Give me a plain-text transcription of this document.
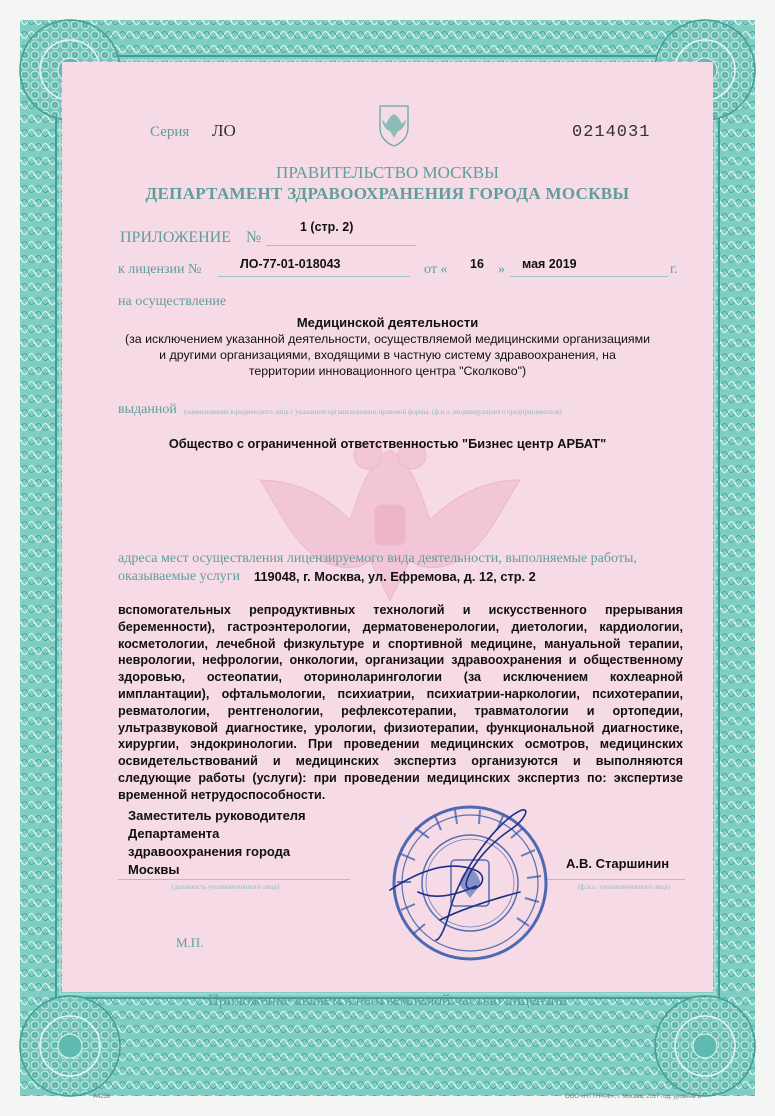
Серия ЛО	0214031
ПРАВИТЕЛЬСТВО МОСКВЫ
ДЕПАРТАМЕНТ ЗДРАВООХРАНЕНИЯ ГОРОДА МОСКВЫ
ПРИЛОЖЕНИЕ №
1 (стр. 2)
к лицензии №	ЛО-77-01-018043	от « 16 » мая 2019	г.
на осуществление
Медицинской деятельности
(за исключением указанной деятельности, осуществляемой медицинскими организациями
и другими организациями, входящими в частную систему здравоохранения, на
территории инновационного центра "Сколково")
выданной (наименование юридического лица с указанием организационно-правовой формы, (ф.и.о. индивидуального предпринимателя)
Общество с ограниченной ответственностью "Бизнес центр АРБАТ"
адреса мест осуществления лицензируемого вида деятельности, выполняемые работы,
оказываемые услуги 119048, г. Москва, ул. Ефремова, д. 12, стр. 2
вспомогательных репродуктивных технологий и искусственного прерывания беременности), гастроэнтерологии, дерматовенерологии, диетологии, кардиологии, косметологии, лечебной физкультуре и спортивной медицине, мануальной терапии, неврологии, нефрологии, онкологии, организации здравоохранения и общественному здоровью, остеопатии, оториноларингологии (за исключением кохлеарной имплантации), офтальмологии, психиатрии, психиатрии-наркологии, психотерапии, ревматологии, рентгенологии, рефлексотерапии, травматологии и ортопедии, ультразвуковой диагностике, урологии, физиотерапии, функциональной диагностике, хирургии, эндокринологии. При проведении медицинских осмотров, медицинских освидетельствований и медицинских экспертиз организуются и выполняются следующие работы (услуги): при проведении медицинских экспертиз по: экспертизе временной нетрудоспособности.
Заместитель руководителя
Департамента
здравоохранения города
Москвы
(должность уполномоченного лица)
А.В. Старшинин
(ф.и.о. уполномоченного лица)
М.П.
Приложение является неотъемлемой частью лицензии
A4238	ООО «НТТГРАФ», г. Москва, 2017 год, уровень Б
